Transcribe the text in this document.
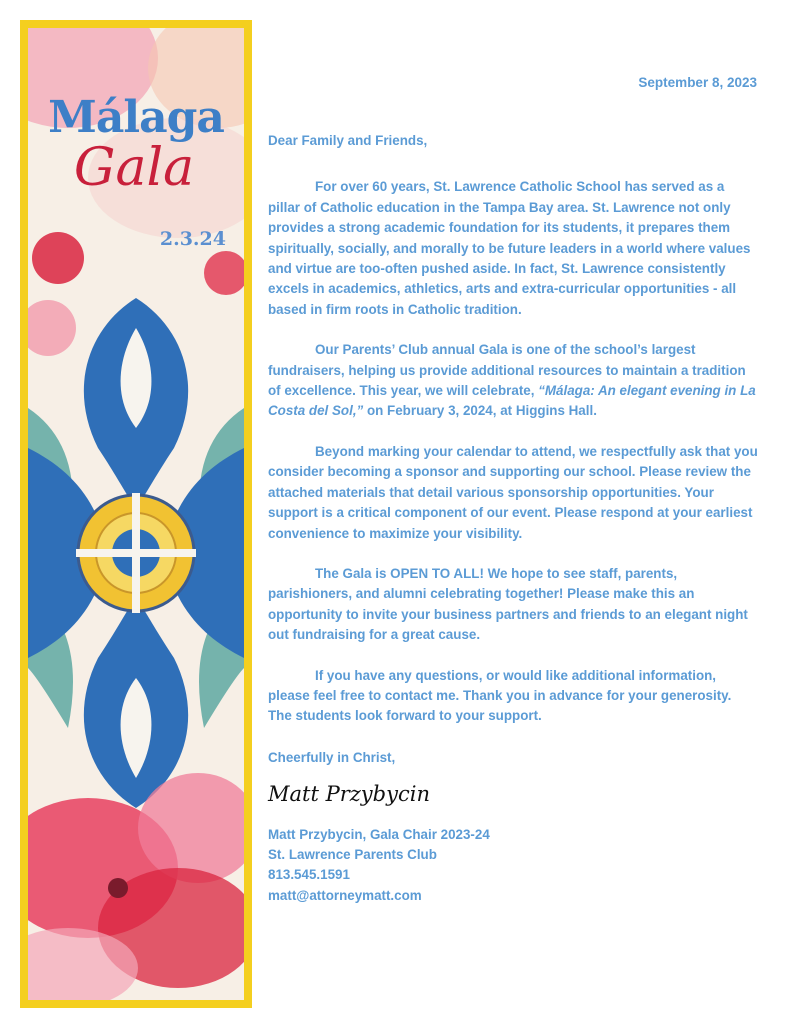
Málaga
Gala
2.3.24
September 8, 2023

Dear Family and Friends,

For over 60 years, St. Lawrence Catholic School has served as a pillar of Catholic education in the Tampa Bay area. St. Lawrence not only provides a strong academic foundation for its students, it prepares them spiritually, socially, and morally to be future leaders in a world where values and virtue are too-often pushed aside. In fact, St. Lawrence consistently excels in academics, athletics, arts and extra-curricular opportunities - all based in firm roots in Catholic tradition.

Our Parents’ Club annual Gala is one of the school’s largest fundraisers, helping us provide additional resources to maintain a tradition of excellence. This year, we will celebrate, “Málaga: An elegant evening in La Costa del Sol,” on February 3, 2024, at Higgins Hall.

Beyond marking your calendar to attend, we respectfully ask that you consider becoming a sponsor and supporting our school. Please review the attached materials that detail various sponsorship opportunities. Your support is a critical component of our event. Please respond at your earliest convenience to maximize your visibility.

The Gala is OPEN TO ALL! We hope to see staff, parents, parishioners, and alumni celebrating together! Please make this an opportunity to invite your business partners and friends to an elegant night out fundraising for a great cause.

If you have any questions, or would like additional information, please feel free to contact me. Thank you in advance for your generosity. The students look forward to your support.

Cheerfully in Christ,

Matt Przybycin

Matt Przybycin, Gala Chair 2023-24

St. Lawrence Parents Club

813.545.1591

matt@attorneymatt.com
